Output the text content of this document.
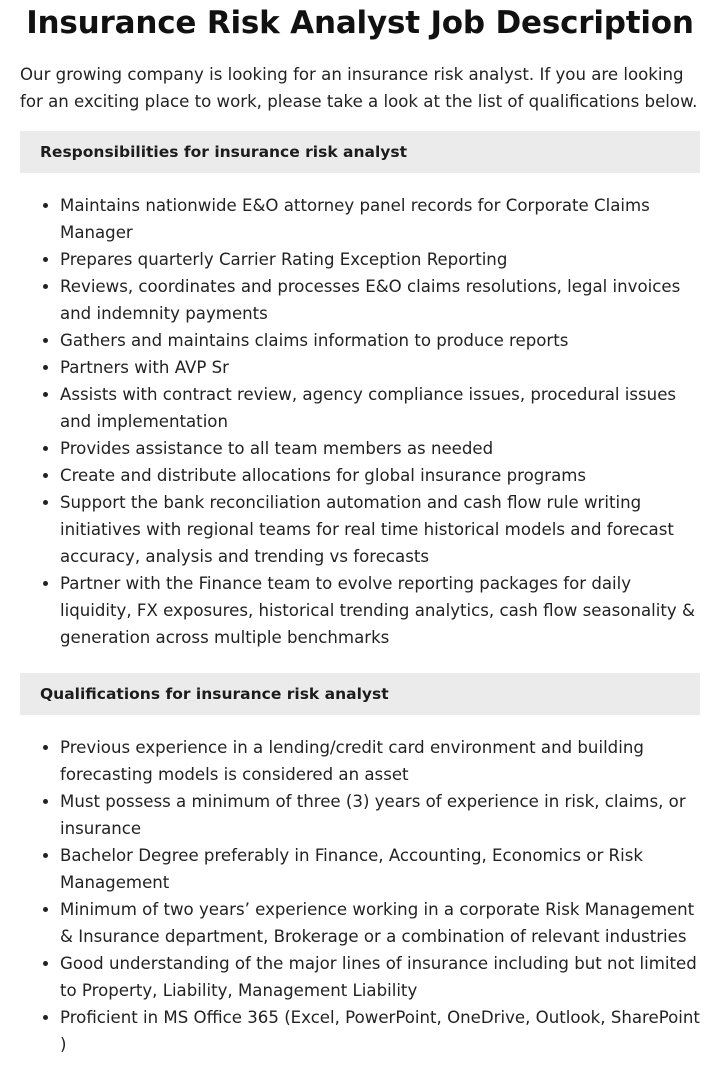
Insurance Risk Analyst Job Description

Our growing company is looking for an insurance risk analyst. If you are looking for an exciting place to work, please take a look at the list of qualifications below.

Responsibilities for insurance risk analyst
• Maintains nationwide E&O attorney panel records for Corporate Claims Manager
• Prepares quarterly Carrier Rating Exception Reporting
• Reviews, coordinates and processes E&O claims resolutions, legal invoices and indemnity payments
• Gathers and maintains claims information to produce reports
• Partners with AVP Sr
• Assists with contract review, agency compliance issues, procedural issues and implementation
• Provides assistance to all team members as needed
• Create and distribute allocations for global insurance programs
• Support the bank reconciliation automation and cash flow rule writing initiatives with regional teams for real time historical models and forecast accuracy, analysis and trending vs forecasts
• Partner with the Finance team to evolve reporting packages for daily liquidity, FX exposures, historical trending analytics, cash flow seasonality & generation across multiple benchmarks
Qualifications for insurance risk analyst
• Previous experience in a lending/credit card environment and building forecasting models is considered an asset
• Must possess a minimum of three (3) years of experience in risk, claims, or insurance
• Bachelor Degree preferably in Finance, Accounting, Economics or Risk Management
• Minimum of two years’ experience working in a corporate Risk Management & Insurance department, Brokerage or a combination of relevant industries
• Good understanding of the major lines of insurance including but not limited to Property, Liability, Management Liability
• Proficient in MS Office 365 (Excel, PowerPoint, OneDrive, Outlook, SharePoint )
